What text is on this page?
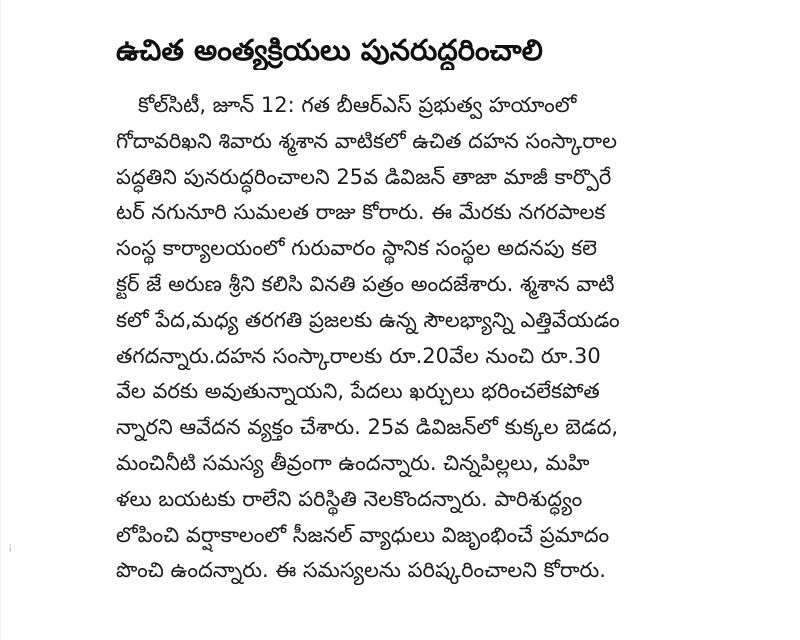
ఉచిత అంత్యక్రియలు పునరుద్ధరించాలి
కోల్‌సిటీ, జూన్ 12: గత బీఆర్ఎస్ ప్రభుత్వ హయాంలో
గోదావరిఖని శివారు శ్మశాన వాటికలో ఉచిత దహన సంస్కారాల
పద్ధతిని పునరుద్ధరించాలని 25వ డివిజన్ తాజా మాజీ కార్పొరే
టర్ నగునూరి సుమలత రాజు కోరారు. ఈ మేరకు నగరపాలక
సంస్థ కార్యాలయంలో గురువారం స్థానిక సంస్థల అదనపు కలె
క్టర్ జే అరుణ శ్రీని కలిసి వినతి పత్రం అందజేశారు. శ్మశాన వాటి
కలో పేద,మధ్య తరగతి ప్రజలకు ఉన్న సౌలభ్యాన్ని ఎత్తివేయడం
తగదన్నారు.దహన సంస్కారాలకు రూ.20వేల నుంచి రూ.30
వేల వరకు అవుతున్నాయని, పేదలు ఖర్చులు భరించలేకపోత
న్నారని ఆవేదన వ్యక్తం చేశారు. 25వ డివిజన్‌లో కుక్కల బెడద,
మంచినీటి సమస్య తీవ్రంగా ఉందన్నారు. చిన్నపిల్లలు, మహి
ళలు బయటకు రాలేని పరిస్థితి నెలకొందన్నారు. పారిశుద్ధ్యం
లోపించి వర్షాకాలంలో సీజనల్ వ్యాధులు విజృంభించే ప్రమాదం
పొంచి ఉందన్నారు. ఈ సమస్యలను పరిష్కరించాలని కోరారు.
¡
